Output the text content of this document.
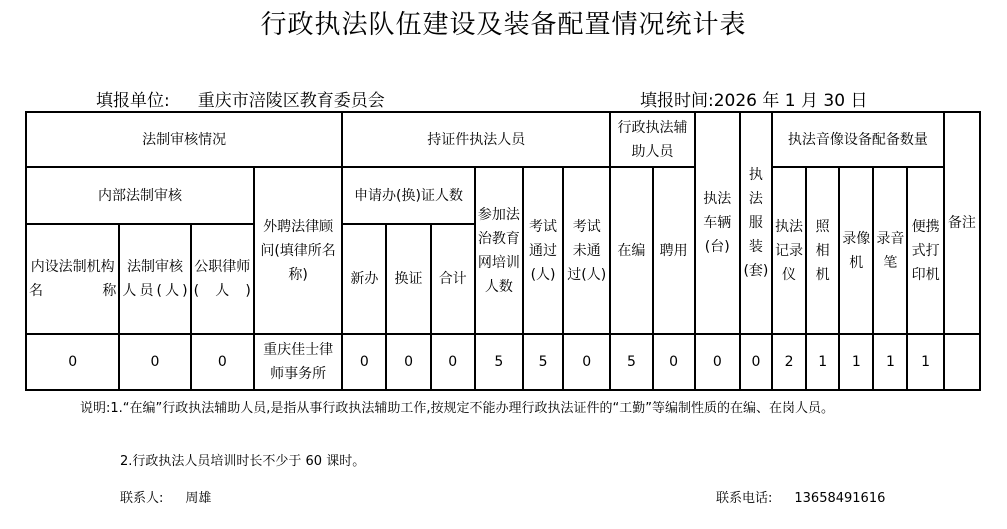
行政执法队伍建设及装备配置情况统计表
填报单位: 重庆市涪陵区教育委员会	填报时间:2026 年 1 月 30 日
法制审核情况				持证件执法人员						行政执法辅助人员		执法车辆(台)	执法服装(套)	执法音像设备配备数量					备注
内部法制审核			外聘法律顾问(填律所名称)	申请办(换)证人数			参加法治教育网培训人数	考试通过(人)	考试未通过(人)	在编	聘用			执法记录仪	照相机	录像机	录音笔	便携式打印机	
内设法制机构名称	法制审核人员(人)	公职律师(人)		新办	换证	合计													
0	0	0	重庆佳士律师事务所	0	0	0	5	5	0	5	0	0	0	2	1	1	1	1	
说明:1.“在编”行政执法辅助人员,是指从事行政执法辅助工作,按规定不能办理行政执法证件的“工勤”等编制性质的在编、在岗人员。
2.行政执法人员培训时长不少于 60 课时。
联系人: 周雄	联系电话: 13658491616
